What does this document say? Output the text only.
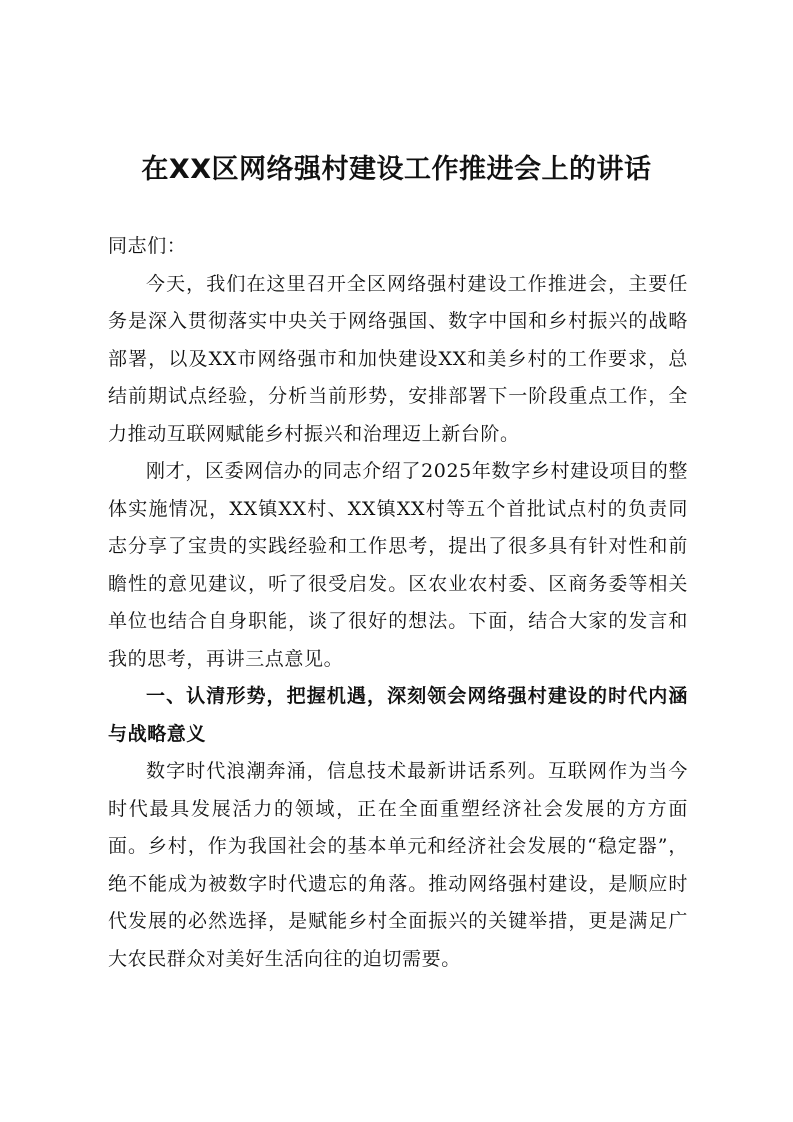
在XX区网络强村建设工作推进会上的讲话

同志们：

今天，我们在这里召开全区网络强村建设工作推进会，主要任务是深入贯彻落实中央关于网络强国、数字中国和乡村振兴的战略部署，以及XX市网络强市和加快建设XX和美乡村的工作要求，总结前期试点经验，分析当前形势，安排部署下一阶段重点工作，全力推动互联网赋能乡村振兴和治理迈上新台阶。

刚才，区委网信办的同志介绍了2025年数字乡村建设项目的整体实施情况，XX镇XX村、XX镇XX村等五个首批试点村的负责同志分享了宝贵的实践经验和工作思考，提出了很多具有针对性和前瞻性的意见建议，听了很受启发。区农业农村委、区商务委等相关单位也结合自身职能，谈了很好的想法。下面，结合大家的发言和我的思考，再讲三点意见。

一、认清形势，把握机遇，深刻领会网络强村建设的时代内涵与战略意义

数字时代浪潮奔涌，信息技术最新讲话系列。互联网作为当今时代最具发展活力的领域，正在全面重塑经济社会发展的方方面面。乡村，作为我国社会的基本单元和经济社会发展的“稳定器”，绝不能成为被数字时代遗忘的角落。推动网络强村建设，是顺应时代发展的必然选择，是赋能乡村全面振兴的关键举措，更是满足广大农民群众对美好生活向往的迫切需要。
